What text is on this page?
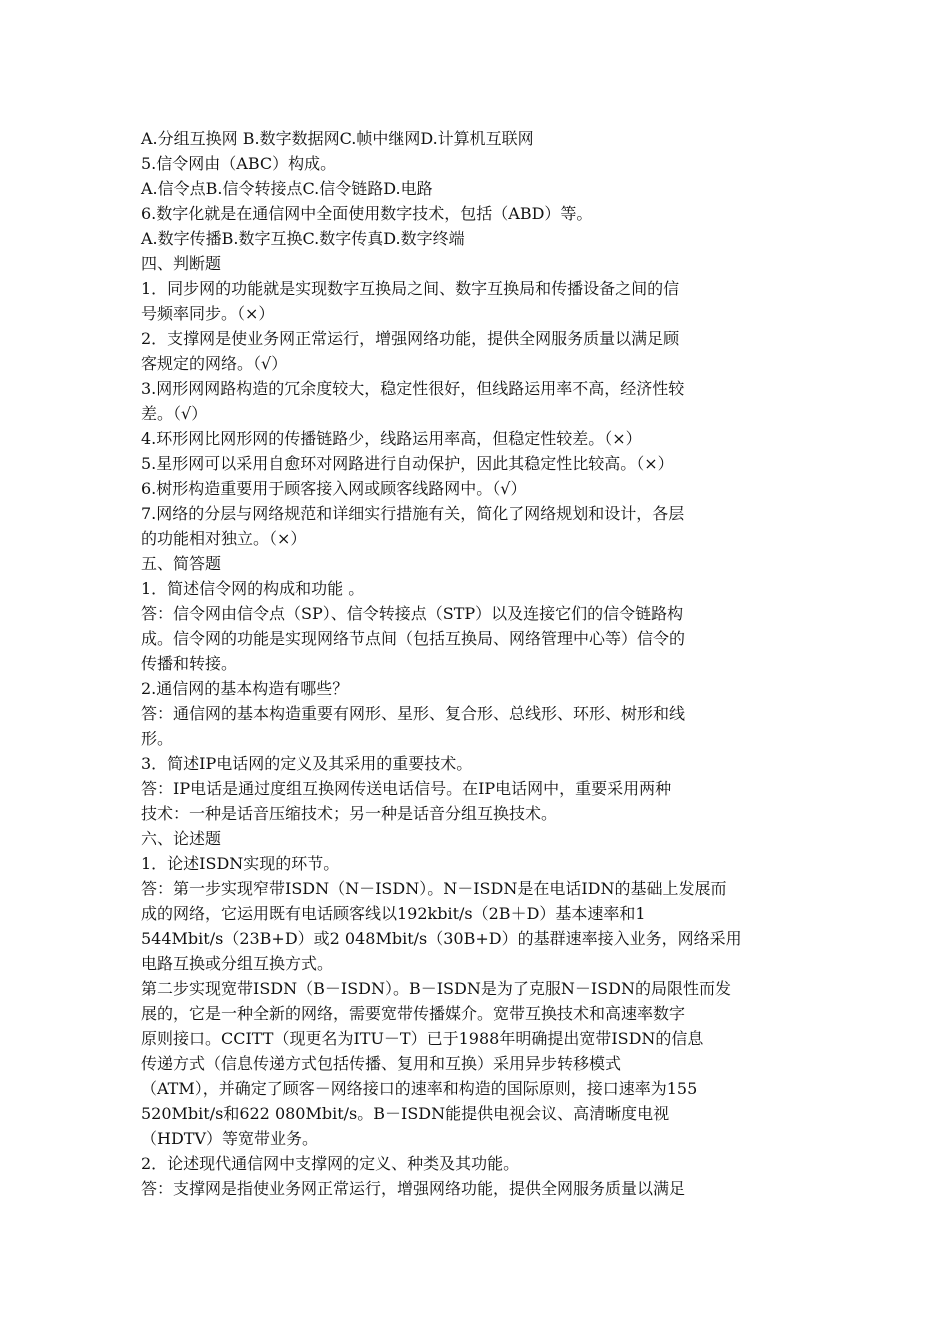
A.分组互换网 B.数字数据网C.帧中继网D.计算机互联网
5.信令网由（ABC）构成。
A.信令点B.信令转接点C.信令链路D.电路
6.数字化就是在通信网中全面使用数字技术，包括（ABD）等。
A.数字传播B.数字互换C.数字传真D.数字终端
四、判断题
1．同步网的功能就是实现数字互换局之间、数字互换局和传播设备之间的信
号频率同步。（×）
2．支撑网是使业务网正常运行，增强网络功能，提供全网服务质量以满足顾
客规定的网络。（√）
3.网形网网路构造的冗余度较大，稳定性很好，但线路运用率不高，经济性较
差。（√）
4.环形网比网形网的传播链路少，线路运用率高，但稳定性较差。（×）
5.星形网可以采用自愈环对网路进行自动保护，因此其稳定性比较高。（×）
6.树形构造重要用于顾客接入网或顾客线路网中。（√）
7.网络的分层与网络规范和详细实行措施有关，简化了网络规划和设计，各层
的功能相对独立。（×）
五、简答题
1．简述信令网的构成和功能 。
答：信令网由信令点（SP）、信令转接点（STP）以及连接它们的信令链路构
成。信令网的功能是实现网络节点间（包括互换局、网络管理中心等）信令的
传播和转接。
2.通信网的基本构造有哪些？
答：通信网的基本构造重要有网形、星形、复合形、总线形、环形、树形和线
形。
3．简述IP电话网的定义及其采用的重要技术。
答：IP电话是通过度组互换网传送电话信号。在IP电话网中，重要采用两种
技术：一种是话音压缩技术；另一种是话音分组互换技术。
六、论述题
1．论述ISDN实现的环节。
答：第一步实现窄带ISDN（N－ISDN）。N－ISDN是在电话IDN的基础上发展而
成的网络，它运用既有电话顾客线以192kbit/s（2B＋D）基本速率和1
544Mbit/s（23B+D）或2 048Mbit/s（30B+D）的基群速率接入业务，网络采用
电路互换或分组互换方式。
第二步实现宽带ISDN（B－ISDN）。B－ISDN是为了克服N－ISDN的局限性而发
展的，它是一种全新的网络，需要宽带传播媒介。宽带互换技术和高速率数字
原则接口。CCITT（现更名为ITU－T）已于1988年明确提出宽带ISDN的信息
传递方式（信息传递方式包括传播、复用和互换）采用异步转移模式
（ATM），并确定了顾客－网络接口的速率和构造的国际原则，接口速率为155
520Mbit/s和622 080Mbit/s。B－ISDN能提供电视会议、高清晰度电视
（HDTV）等宽带业务。
2．论述现代通信网中支撑网的定义、种类及其功能。
答：支撑网是指使业务网正常运行，增强网络功能，提供全网服务质量以满足
